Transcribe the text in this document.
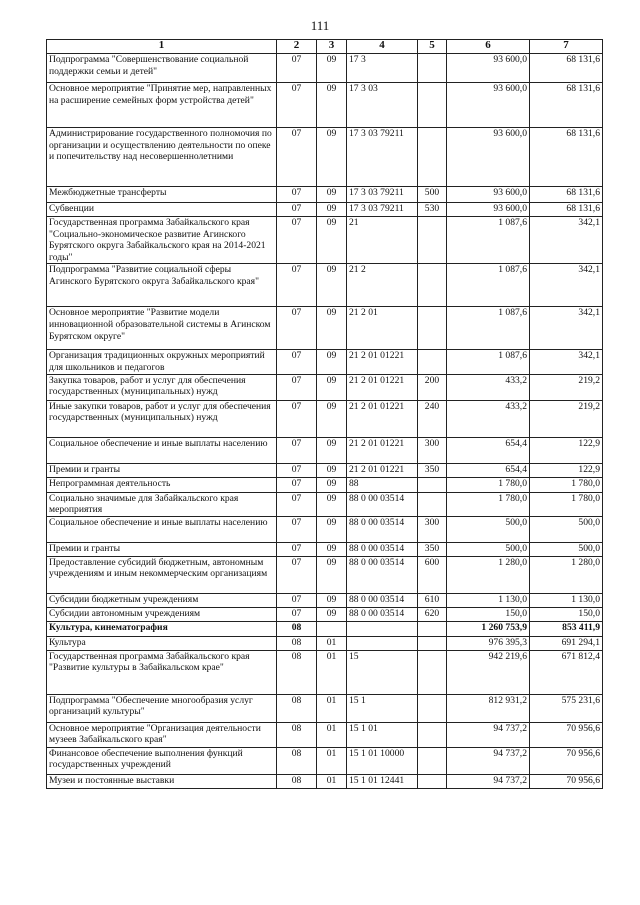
111
1	2	3	4	5	6	7
Подпрограмма "Совершенствование социальной поддержки семьи и детей"	07	09	17 3		93 600,0	68 131,6
Основное мероприятие "Принятие мер, направленных на расширение семейных форм устройства детей"	07	09	17 3 03		93 600,0	68 131,6
Администрирование государственного полномочия по организации и осуществлению деятельности по опеке и попечительству над несовершеннолетними	07	09	17 3 03 79211		93 600,0	68 131,6
Межбюджетные трансферты	07	09	17 3 03 79211	500	93 600,0	68 131,6
Субвенции	07	09	17 3 03 79211	530	93 600,0	68 131,6
Государственная программа Забайкальского края "Социально-экономическое развитие Агинского Бурятского округа Забайкальского края на 2014-2021 годы"	07	09	21		1 087,6	342,1
Подпрограмма "Развитие социальной сферы Агинского Бурятского округа Забайкальского края"	07	09	21 2		1 087,6	342,1
Основное мероприятие "Развитие модели инновационной образовательной системы в Агинском Бурятском округе"	07	09	21 2 01		1 087,6	342,1
Организация традиционных окружных мероприятий для школьников и педагогов	07	09	21 2 01 01221		1 087,6	342,1
Закупка товаров, работ и услуг для обеспечения государственных (муниципальных) нужд	07	09	21 2 01 01221	200	433,2	219,2
Иные закупки товаров, работ и услуг для обеспечения государственных (муниципальных) нужд	07	09	21 2 01 01221	240	433,2	219,2
Социальное обеспечение и иные выплаты населению	07	09	21 2 01 01221	300	654,4	122,9
Премии и гранты	07	09	21 2 01 01221	350	654,4	122,9
Непрограммная деятельность	07	09	88		1 780,0	1 780,0
Социально значимые для Забайкальского края мероприятия	07	09	88 0 00 03514		1 780,0	1 780,0
Социальное обеспечение и иные выплаты населению	07	09	88 0 00 03514	300	500,0	500,0
Премии и гранты	07	09	88 0 00 03514	350	500,0	500,0
Предоставление субсидий бюджетным, автономным учреждениям и иным некоммерческим организациям	07	09	88 0 00 03514	600	1 280,0	1 280,0
Субсидии бюджетным учреждениям	07	09	88 0 00 03514	610	1 130,0	1 130,0
Субсидии автономным учреждениям	07	09	88 0 00 03514	620	150,0	150,0
Культура, кинематография	08				1 260 753,9	853 411,9
Культура	08	01			976 395,3	691 294,1
Государственная программа Забайкальского края "Развитие культуры в Забайкальском крае"	08	01	15		942 219,6	671 812,4
Подпрограмма "Обеспечение многообразия услуг организаций культуры"	08	01	15 1		812 931,2	575 231,6
Основное мероприятие "Организация деятельности музеев Забайкальского края"	08	01	15 1 01		94 737,2	70 956,6
Финансовое обеспечение выполнения функций государственных учреждений	08	01	15 1 01 10000		94 737,2	70 956,6
Музеи и постоянные выставки	08	01	15 1 01 12441		94 737,2	70 956,6
